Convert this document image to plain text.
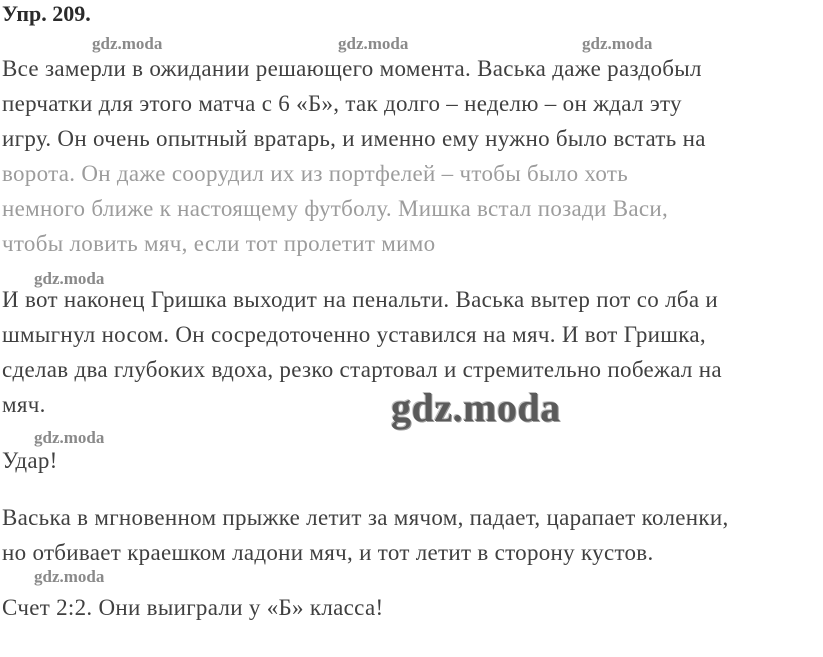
Упр. 209.
gdz.moda	gdz.moda	gdz.moda
gdz.moda
gdz.moda
gdz.moda
gdz.moda
Все замерли в ожидании решающего момента. Васька даже раздобыл
перчатки для этого матча с 6 «Б», так долго – неделю – он ждал эту
игру. Он очень опытный вратарь, и именно ему нужно было встать на
ворота. Он даже соорудил их из портфелей – чтобы было хоть
немного ближе к настоящему футболу. Мишка встал позади Васи,
чтобы ловить мяч, если тот пролетит мимо
И вот наконец Гришка выходит на пенальти. Васька вытер пот со лба и
шмыгнул носом. Он сосредоточенно уставился на мяч. И вот Гришка,
сделав два глубоких вдоха, резко стартовал и стремительно побежал на
мяч.
Удар!
Васька в мгновенном прыжке летит за мячом, падает, царапает коленки,
но отбивает краешком ладони мяч, и тот летит в сторону кустов.
Счет 2:2. Они выиграли у «Б» класса!
